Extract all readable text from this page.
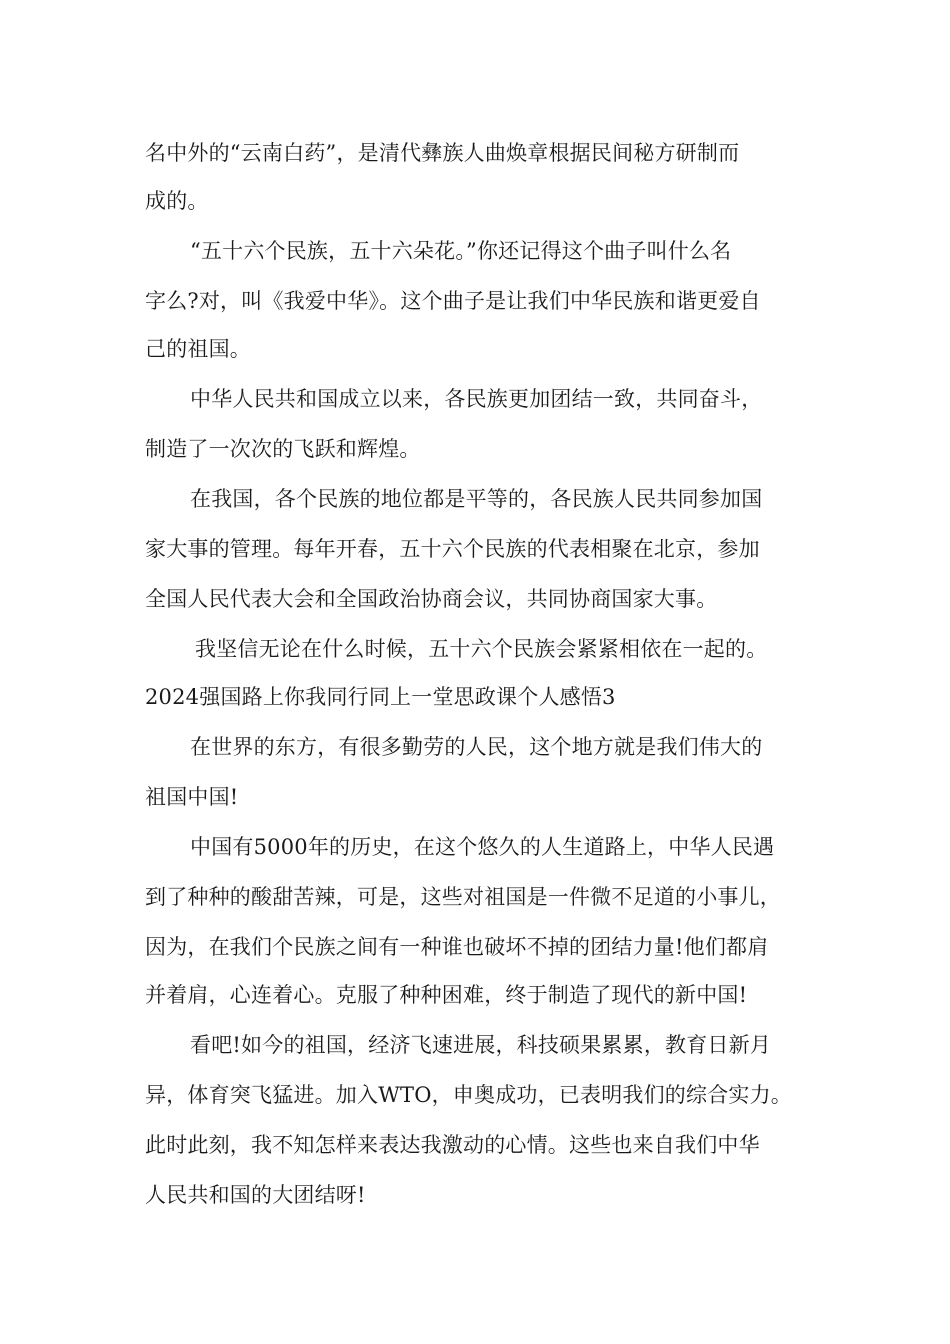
名中外的“云南白药”，是清代彝族人曲焕章根据民间秘方研制而
成的。
“五十六个民族，五十六朵花。”你还记得这个曲子叫什么名
字么?对，叫《我爱中华》。这个曲子是让我们中华民族和谐更爱自
己的祖国。
中华人民共和国成立以来，各民族更加团结一致，共同奋斗，
制造了一次次的飞跃和辉煌。
在我国，各个民族的地位都是平等的，各民族人民共同参加国
家大事的管理。每年开春，五十六个民族的代表相聚在北京，参加
全国人民代表大会和全国政治协商会议，共同协商国家大事。
我坚信无论在什么时候，五十六个民族会紧紧相依在一起的。
2024强国路上你我同行同上一堂思政课个人感悟3
在世界的东方，有很多勤劳的人民，这个地方就是我们伟大的
祖国中国!
中国有5000年的历史，在这个悠久的人生道路上，中华人民遇
到了种种的酸甜苦辣，可是，这些对祖国是一件微不足道的小事儿，
因为，在我们个民族之间有一种谁也破坏不掉的团结力量!他们都肩
并着肩，心连着心。克服了种种困难，终于制造了现代的新中国!
看吧!如今的祖国，经济飞速进展，科技硕果累累，教育日新月
异，体育突飞猛进。加入WTO，申奥成功，已表明我们的综合实力。
此时此刻，我不知怎样来表达我激动的心情。这些也来自我们中华
人民共和国的大团结呀!
